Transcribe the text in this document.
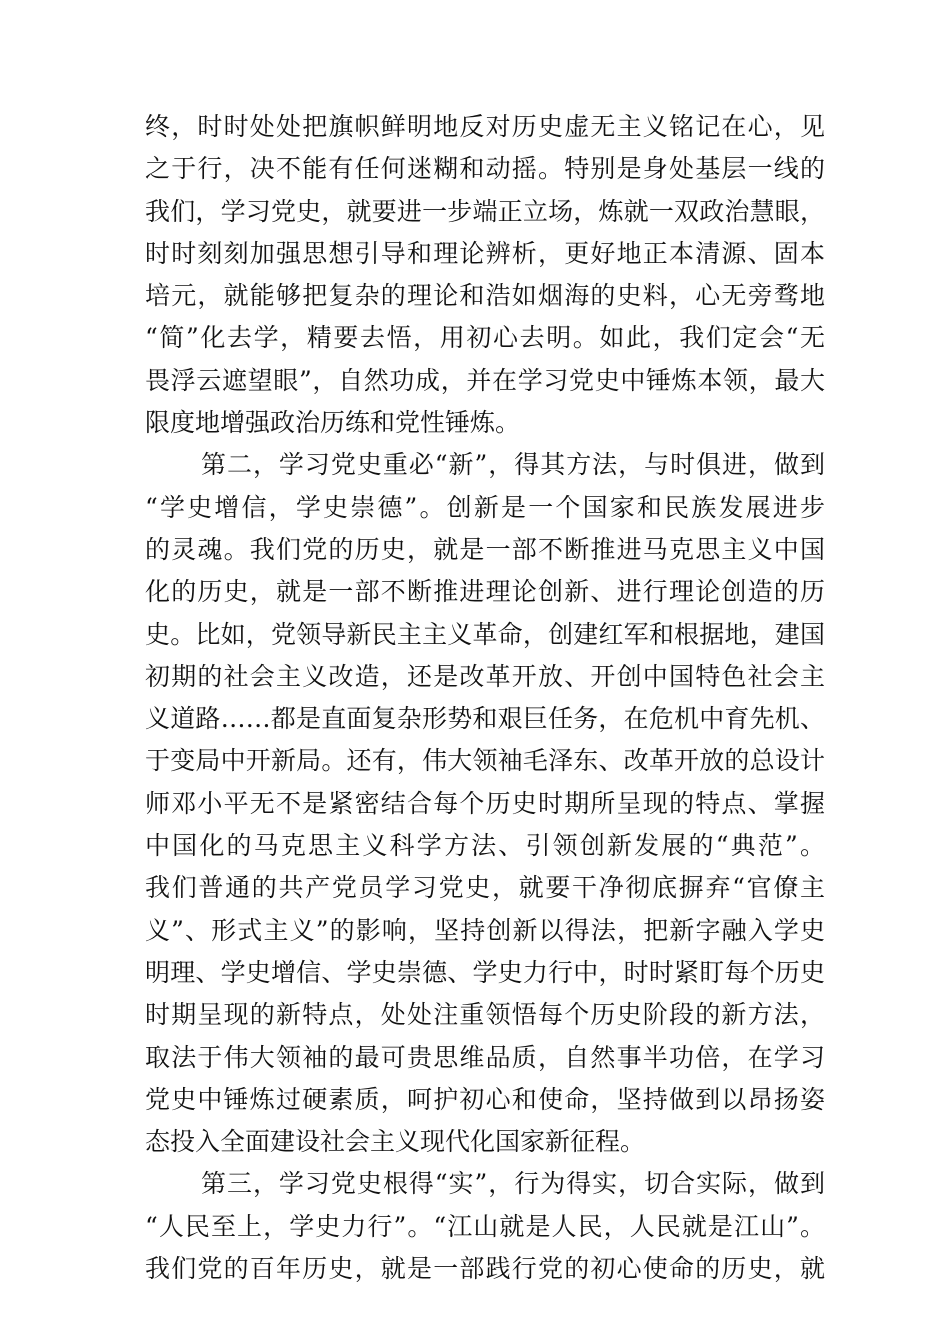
终，时时处处把旗帜鲜明地反对历史虚无主义铭记在心，见
之于行，决不能有任何迷糊和动摇。特别是身处基层一线的
我们，学习党史，就要进一步端正立场，炼就一双政治慧眼，
时时刻刻加强思想引导和理论辨析，更好地正本清源、固本
培元，就能够把复杂的理论和浩如烟海的史料，心无旁骛地
“简”化去学，精要去悟，用初心去明。如此，我们定会“无
畏浮云遮望眼”，自然功成，并在学习党史中锤炼本领，最大
限度地增强政治历练和党性锤炼。
第二，学习党史重必“新”，得其方法，与时俱进，做到
“学史增信，学史崇德”。创新是一个国家和民族发展进步
的灵魂。我们党的历史，就是一部不断推进马克思主义中国
化的历史，就是一部不断推进理论创新、进行理论创造的历
史。比如，党领导新民主主义革命，创建红军和根据地，建国
初期的社会主义改造，还是改革开放、开创中国特色社会主
义道路……都是直面复杂形势和艰巨任务，在危机中育先机、
于变局中开新局。还有，伟大领袖毛泽东、改革开放的总设计
师邓小平无不是紧密结合每个历史时期所呈现的特点、掌握
中国化的马克思主义科学方法、引领创新发展的“典范”。
我们普通的共产党员学习党史，就要干净彻底摒弃“官僚主
义”、形式主义”的影响，坚持创新以得法，把新字融入学史
明理、学史增信、学史崇德、学史力行中，时时紧盯每个历史
时期呈现的新特点，处处注重领悟每个历史阶段的新方法，
取法于伟大领袖的最可贵思维品质，自然事半功倍，在学习
党史中锤炼过硬素质，呵护初心和使命，坚持做到以昂扬姿
态投入全面建设社会主义现代化国家新征程。
第三，学习党史根得“实”，行为得实，切合实际，做到
“人民至上，学史力行”。“江山就是人民，人民就是江山”。
我们党的百年历史，就是一部践行党的初心使命的历史，就
